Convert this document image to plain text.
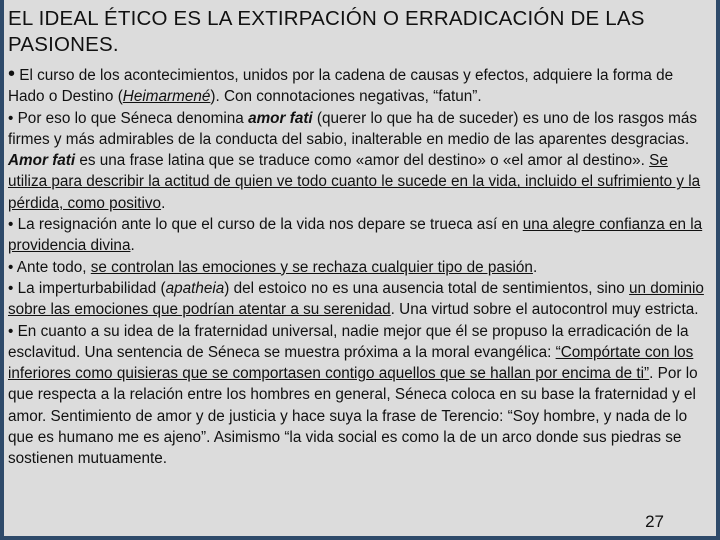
EL IDEAL ÉTICO ES LA EXTIRPACIÓN O ERRADICACIÓN DE LAS PASIONES.

• El curso de los acontecimientos, unidos por la cadena de causas y efectos, adquiere la forma de Hado o Destino (Heimarmené). Con connotaciones negativas, “fatun”.

• Por eso lo que Séneca denomina amor fati (querer lo que ha de suceder) es uno de los rasgos más firmes y más admirables de la conducta del sabio, inalterable en medio de las aparentes desgracias. Amor fati es una frase latina que se traduce como «amor del destino» o «el amor al destino». Se utiliza para describir la actitud de quien ve todo cuanto le sucede en la vida, incluido el sufrimiento y la pérdida, como positivo.

• La resignación ante lo que el curso de la vida nos depare se trueca así en una alegre confianza en la providencia divina.

• Ante todo, se controlan las emociones y se rechaza cualquier tipo de pasión.

• La imperturbabilidad (apatheia) del estoico no es una ausencia total de sentimientos, sino un dominio sobre las emociones que podrían atentar a su serenidad. Una virtud sobre el autocontrol muy estricta.

• En cuanto a su idea de la fraternidad universal, nadie mejor que él se propuso la erradicación de la esclavitud. Una sentencia de Séneca se muestra próxima a la moral evangélica: “Compórtate con los inferiores como quisieras que se comportasen contigo aquellos que se hallan por encima de ti”. Por lo que respecta a la relación entre los hombres en general, Séneca coloca en su base la fraternidad y el amor. Sentimiento de amor y de justicia y hace suya la frase de Terencio: “Soy hombre, y nada de lo que es humano me es ajeno”. Asimismo “la vida social es como la de un arco donde sus piedras se sostienen mutuamente.

27
